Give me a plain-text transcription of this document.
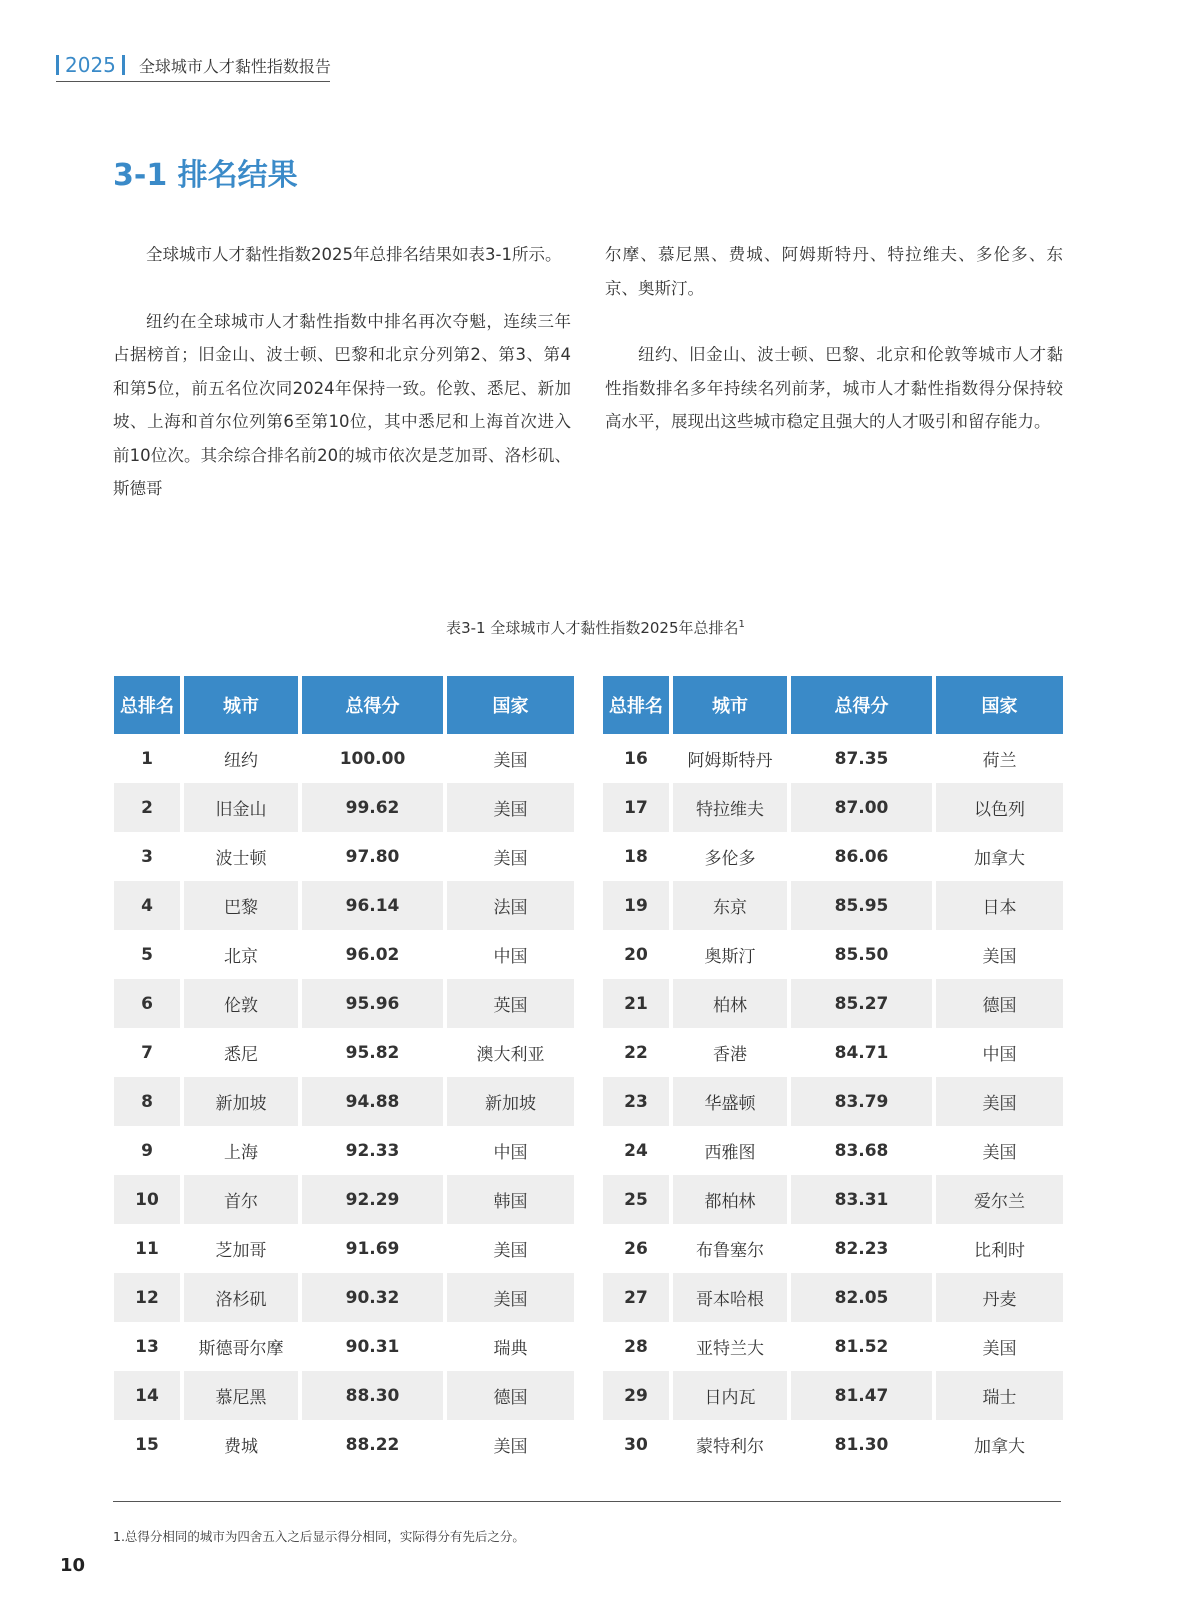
2025 全球城市人才黏性指数报告
3-1 排名结果

全球城市人才黏性指数2025年总排名结果如表3-1所示。

纽约在全球城市人才黏性指数中排名再次夺魁，连续三年占据榜首；旧金山、波士顿、巴黎和北京分列第2、第3、第4和第5位，前五名位次同2024年保持一致。伦敦、悉尼、新加坡、上海和首尔位列第6至第10位，其中悉尼和上海首次进入前10位次。其余综合排名前20的城市依次是芝加哥、洛杉矶、斯德哥

尔摩、慕尼黑、费城、阿姆斯特丹、特拉维夫、多伦多、东京、奥斯汀。

纽约、旧金山、波士顿、巴黎、北京和伦敦等城市人才黏性指数排名多年持续名列前茅，城市人才黏性指数得分保持较高水平，展现出这些城市稳定且强大的人才吸引和留存能力。

表3-1 全球城市人才黏性指数2025年总排名$^1$
总排名	城市	总得分	国家
1	纽约	100.00	美国
2	旧金山	99.62	美国
3	波士顿	97.80	美国
4	巴黎	96.14	法国
5	北京	96.02	中国
6	伦敦	95.96	英国
7	悉尼	95.82	澳大利亚
8	新加坡	94.88	新加坡
9	上海	92.33	中国
10	首尔	92.29	韩国
11	芝加哥	91.69	美国
12	洛杉矶	90.32	美国
13	斯德哥尔摩	90.31	瑞典
14	慕尼黑	88.30	德国
15	费城	88.22	美国
总排名	城市	总得分	国家
16	阿姆斯特丹	87.35	荷兰
17	特拉维夫	87.00	以色列
18	多伦多	86.06	加拿大
19	东京	85.95	日本
20	奥斯汀	85.50	美国
21	柏林	85.27	德国
22	香港	84.71	中国
23	华盛顿	83.79	美国
24	西雅图	83.68	美国
25	都柏林	83.31	爱尔兰
26	布鲁塞尔	82.23	比利时
27	哥本哈根	82.05	丹麦
28	亚特兰大	81.52	美国
29	日内瓦	81.47	瑞士
30	蒙特利尔	81.30	加拿大
1.总得分相同的城市为四舍五入之后显示得分相同，实际得分有先后之分。
10
